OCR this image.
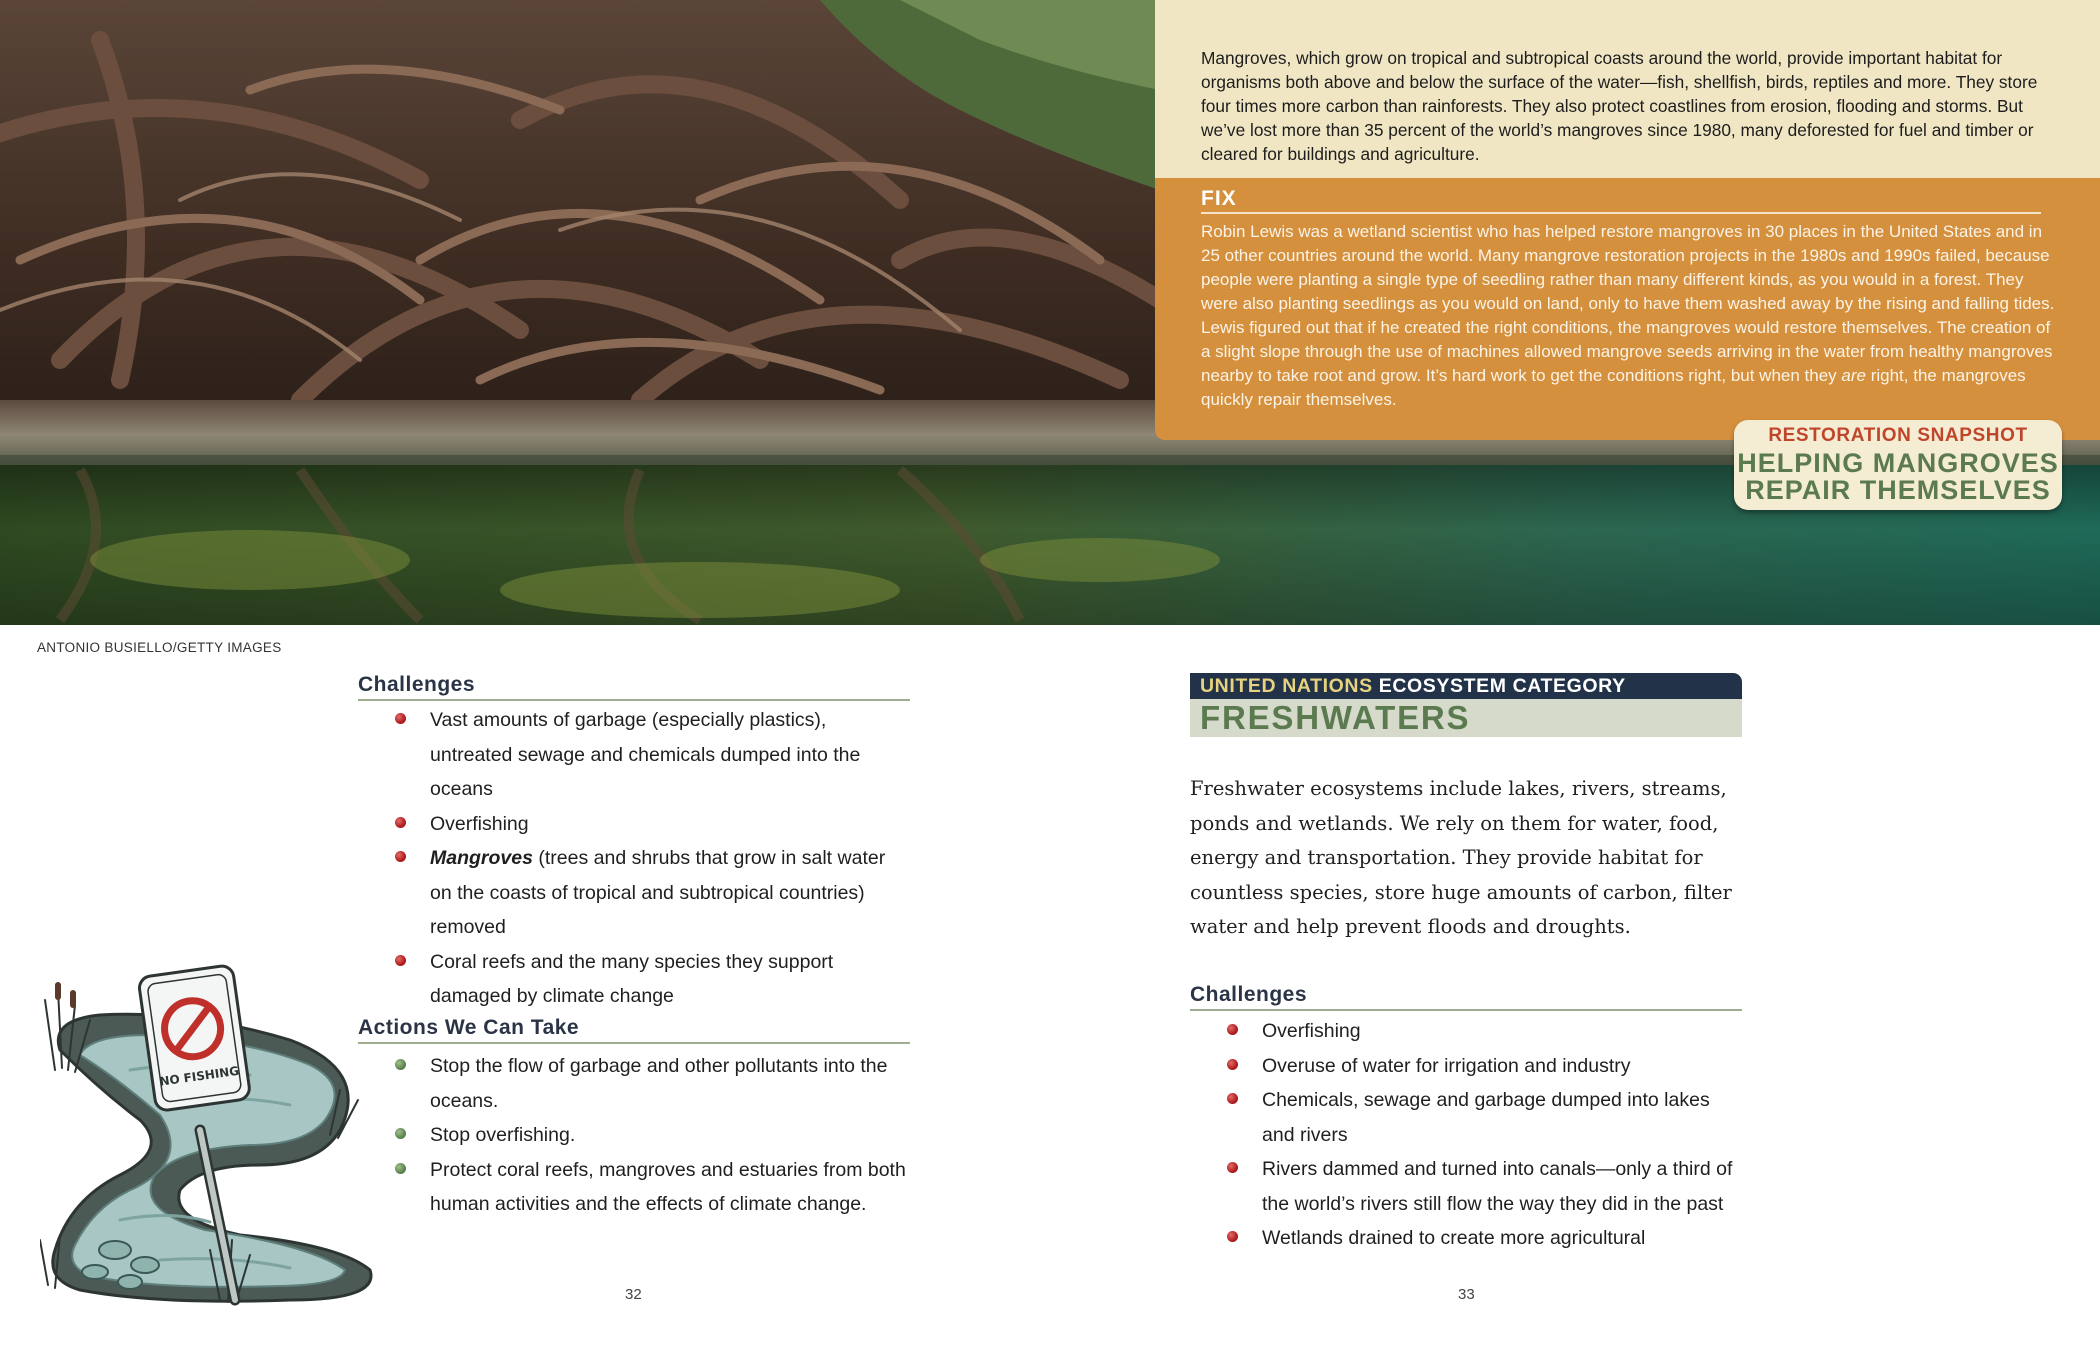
Mangroves, which grow on tropical and subtropical coasts around the world, provide important habitat for organisms both above and below the surface of the water—fish, shellfish, birds, reptiles and more. They store four times more carbon than rainforests. They also protect coastlines from erosion, flooding and storms. But we’ve lost more than 35 percent of the world’s mangroves since 1980, many deforested for fuel and timber or cleared for buildings and agriculture.

FIX

Robin Lewis was a wetland scientist who has helped restore mangroves in 30 places in the United States and in 25 other countries around the world. Many mangrove restoration projects in the 1980s and 1990s failed, because people were planting a single type of seedling rather than many different kinds, as you would in a forest. They were also planting seedlings as you would on land, only to have them washed away by the rising and falling tides. Lewis figured out that if he created the right conditions, the mangroves would restore themselves. The creation of a slight slope through the use of machines allowed mangrove seeds arriving in the water from healthy mangroves nearby to take root and grow. It’s hard work to get the conditions right, but when they are right, the mangroves quickly repair themselves.

RESTORATION SNAPSHOT
HELPING MANGROVES
REPAIR THEMSELVES
ANTONIO BUSIELLO/GETTY IMAGES
Challenges
Vast amounts of garbage (especially plastics), untreated sewage and chemicals dumped into the oceans
Overfishing
Mangroves (trees and shrubs that grow in salt water on the coasts of tropical and subtropical countries) removed
Coral reefs and the many species they support damaged by climate change
Actions We Can Take
Stop the flow of garbage and other pollutants into the oceans.
Stop overfishing.
Protect coral reefs, mangroves and estuaries from both human activities and the effects of climate change.
NO FISHING
32
UNITED NATIONS ECOSYSTEM CATEGORY
FRESHWATERS

Freshwater ecosystems include lakes, rivers, streams, ponds and wetlands. We rely on them for water, food, energy and transportation. They provide habitat for countless species, store huge amounts of carbon, filter water and help prevent floods and droughts.

Challenges
Overfishing
Overuse of water for irrigation and industry
Chemicals, sewage and garbage dumped into lakes and rivers
Rivers dammed and turned into canals—only a third of the world’s rivers still flow the way they did in the past
Wetlands drained to create more agricultural
33
